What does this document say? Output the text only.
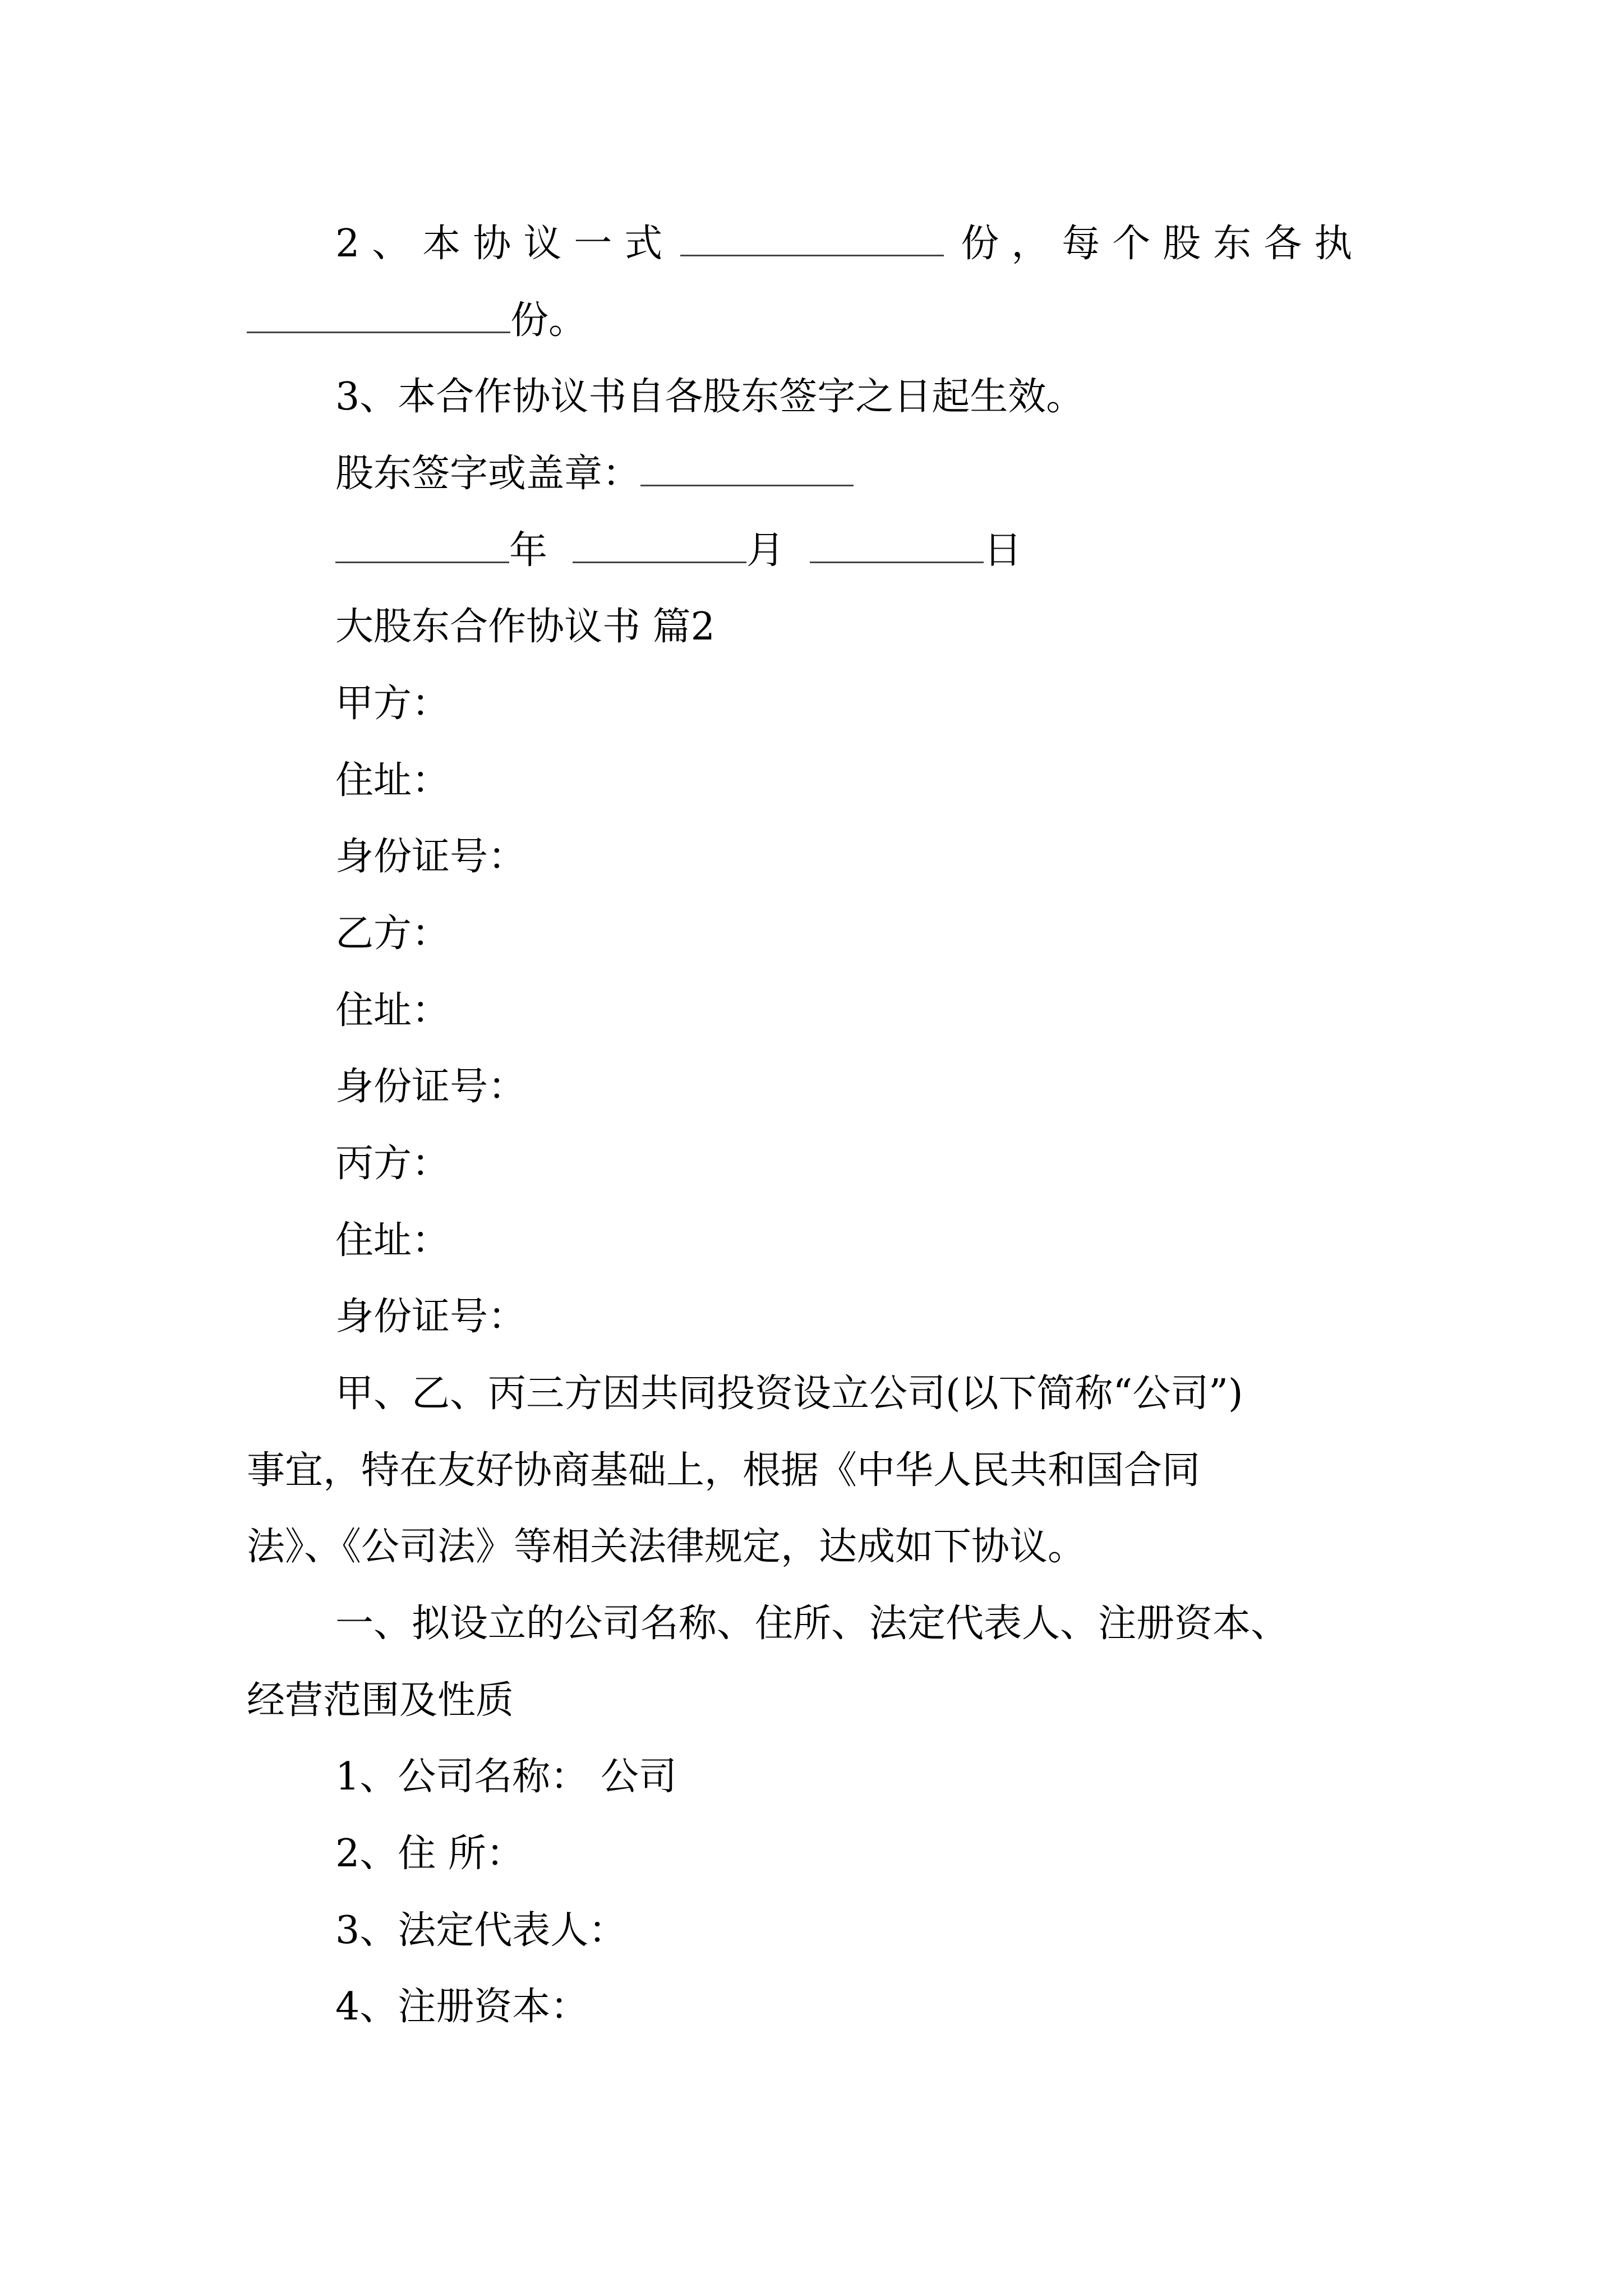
2、本协议一式	份，每个股东各执
份。
3、本合作协议书自各股东签字之日起生效。
股东签字或盖章：
年	月	日
大股东合作协议书 篇2
甲方：
住址：
身份证号：
乙方：
住址：
身份证号：
丙方：
住址：
身份证号：
甲、乙、丙三方因共同投资设立公司(以下简称“公司”)
事宜，特在友好协商基础上，根据《中华人民共和国合同
法》、《公司法》等相关法律规定，达成如下协议。
一、拟设立的公司名称、住所、法定代表人、注册资本、
经营范围及性质
1、公司名称： 公司
2、住 所：
3、法定代表人：
4、注册资本：
